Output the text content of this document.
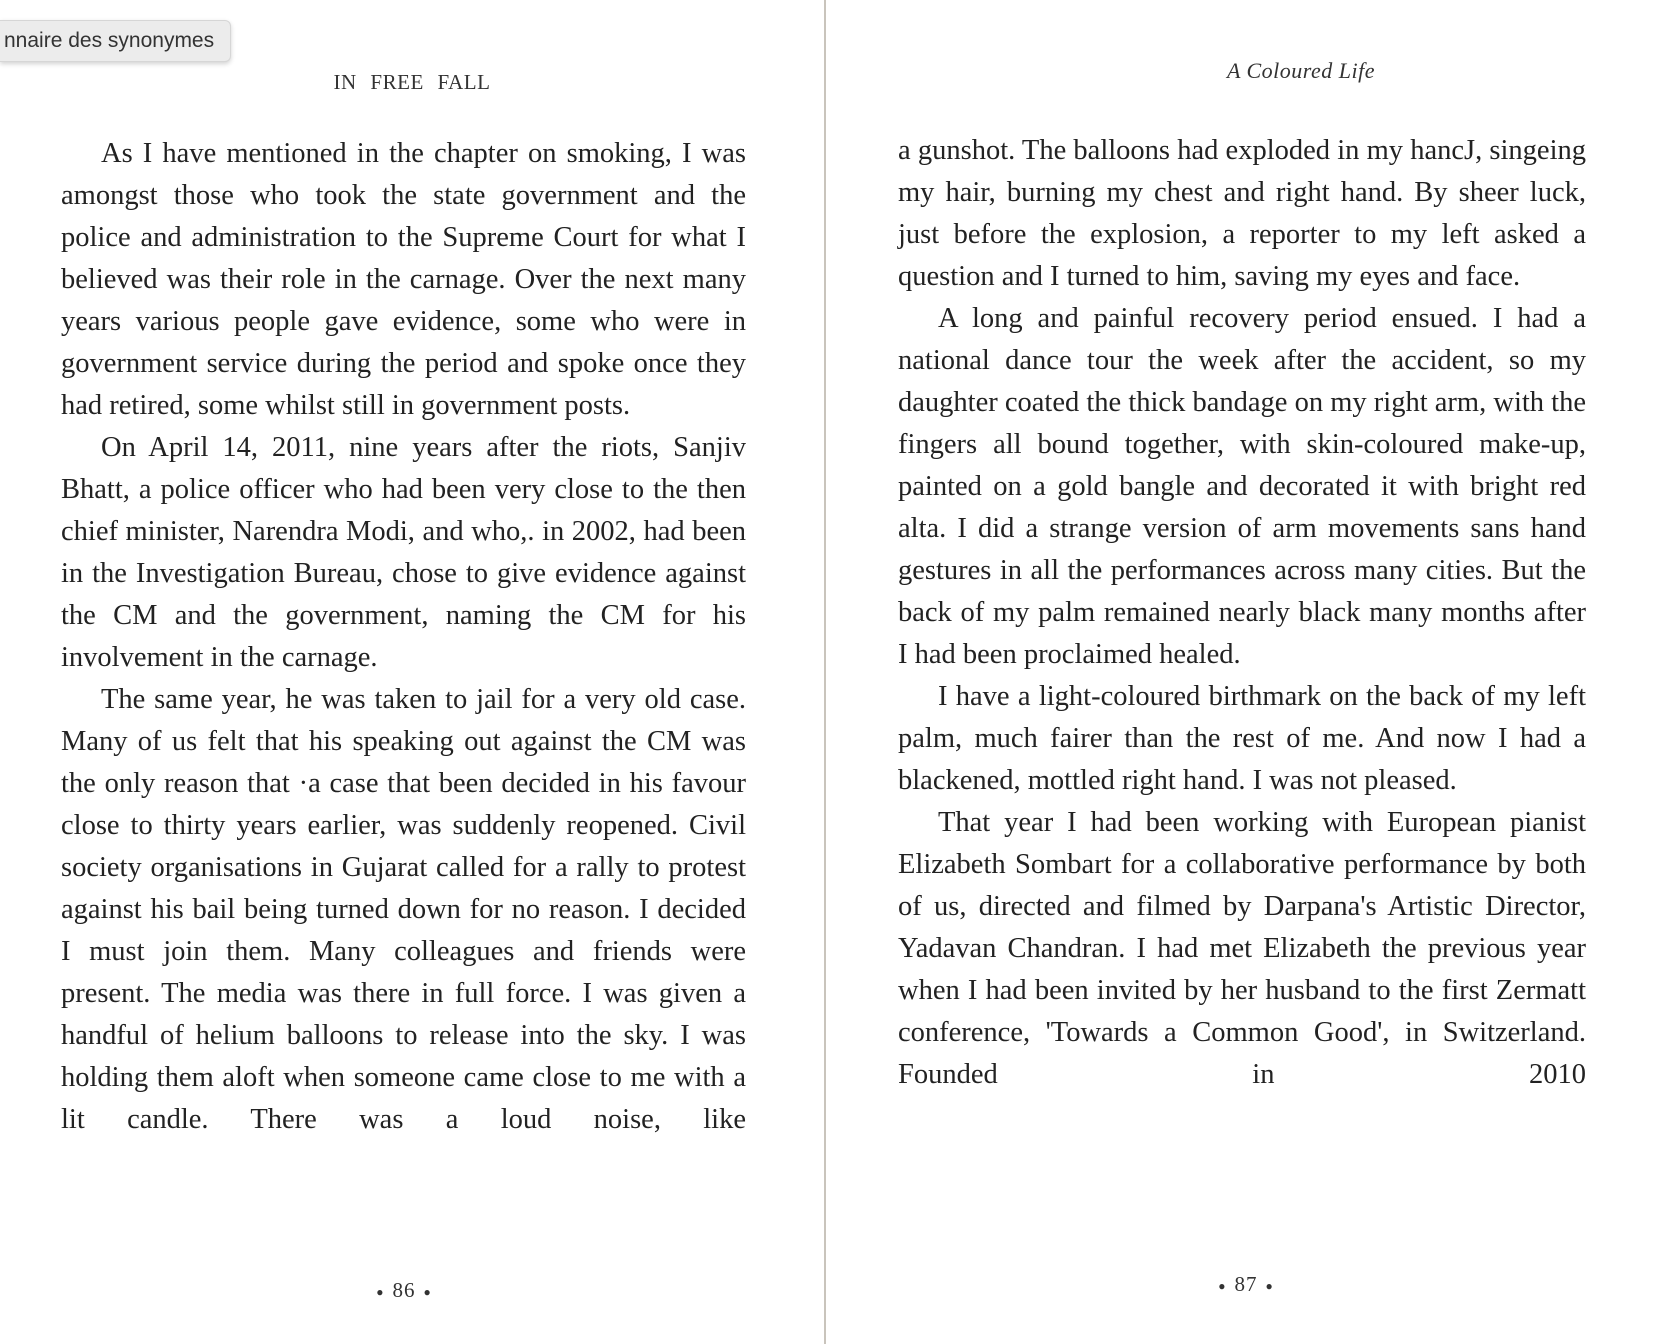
IN FREE FALL

As I have mentioned in the chapter on smoking, I was amongst those who took the state government and the police and administration to the Supreme Court for what I believed was their role in the carnage. Over the next many years various people gave evidence, some who were in government service during the period and spoke once they had retired, some whilst still in government posts.

On April 14, 2011, nine years after the riots, Sanjiv Bhatt, a police officer who had been very close to the then chief minister, Narendra Modi, and who,. in 2002, had been in the Investigation Bureau, chose to give evidence against the CM and the government, naming the CM for his involvement in the carnage.

The same year, he was taken to jail for a very old case. Many of us felt that his speaking out against the CM was the only reason that ·a case that been decided in his favour close to thirty years earlier, was suddenly reopened. Civil society organisations in Gujarat called for a rally to protest against his bail being turned down for no reason. I decided I must join them. Many colleagues and friends were present. The media was there in full force. I was given a handful of helium balloons to release into the sky. I was holding them aloft when someone came close to me with a lit candle. There was a loud noise, like

● 86 ●
A Coloured Life

a gunshot. The balloons had exploded in my hancJ, singeing my hair, burning my chest and right hand. By sheer luck, just before the explosion, a reporter to my left asked a question and I turned to him, saving my eyes and face.

A long and painful recovery period ensued. I had a national dance tour the week after the accident, so my daughter coated the thick bandage on my right arm, with the fingers all bound together, with skin-coloured make-up, painted on a gold bangle and decorated it with bright red alta. I did a strange version of arm movements sans hand gestures in all the performances across many cities. But the back of my palm remained nearly black many months after I had been proclaimed healed.

I have a light-coloured birthmark on the back of my left palm, much fairer than the rest of me. And now I had a blackened, mottled right hand. I was not pleased.

That year I had been working with European pianist Elizabeth Sombart for a collaborative performance by both of us, directed and filmed by Darpana's Artistic Director, Yadavan Chandran. I had met Elizabeth the previous year when I had been invited by her husband to the first Zermatt conference, 'Towards a Common Good', in Switzerland. Founded in 2010

● 87 ●
nnaire des synonymes
